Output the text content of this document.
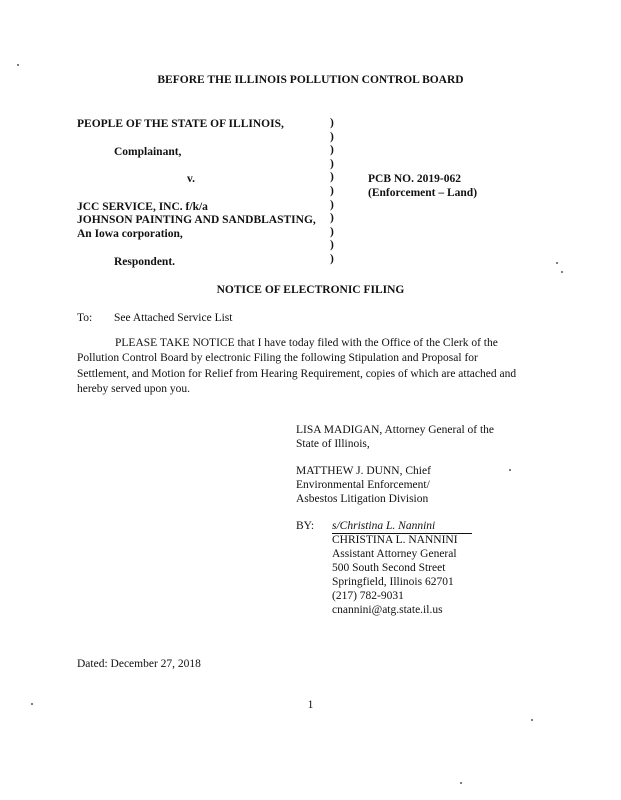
BEFORE THE ILLINOIS POLLUTION CONTROL BOARD
PEOPLE OF THE STATE OF ILLINOIS,
Complainant,
v.
JCC SERVICE, INC. f/k/a
JOHNSON PAINTING AND SANDBLASTING,
An Iowa corporation,
Respondent.
)
)
)
)
)
)
)
)
)
)
)
PCB NO. 2019-062
(Enforcement – Land)
NOTICE OF ELECTRONIC FILING
To: See Attached Service List
PLEASE TAKE NOTICE that I have today filed with the Office of the Clerk of the Pollution Control Board by electronic Filing the following Stipulation and Proposal for Settlement, and Motion for Relief from Hearing Requirement, copies of which are attached and hereby served upon you.
LISA MADIGAN, Attorney General of the
State of Illinois,
MATTHEW J. DUNN, Chief
Environmental Enforcement/
Asbestos Litigation Division
BY: s/Christina L. Nannini
CHRISTINA L. NANNINI
Assistant Attorney General
500 South Second Street
Springfield, Illinois 62701
(217) 782-9031
cnannini@atg.state.il.us
Dated: December 27, 2018
1
